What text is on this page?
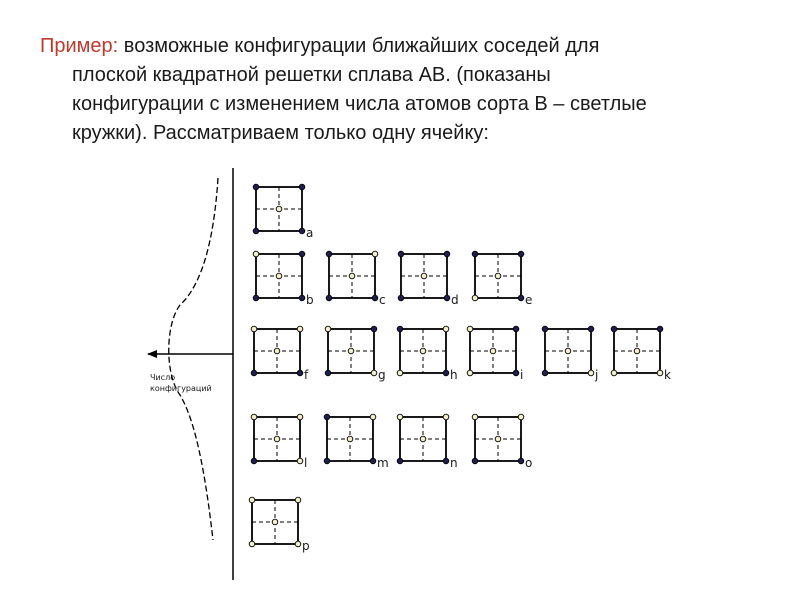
Пример: возможные конфигурации ближайших соседей для
плоской квадратной решетки сплава АВ. (показаны
конфигурации с изменением числа атомов сорта В – светлые
кружки). Рассматриваем только одну ячейку:
Число
конфигураций
a
b	c	d	e
f	g	h	i	j	k
l	m	n	o
p
